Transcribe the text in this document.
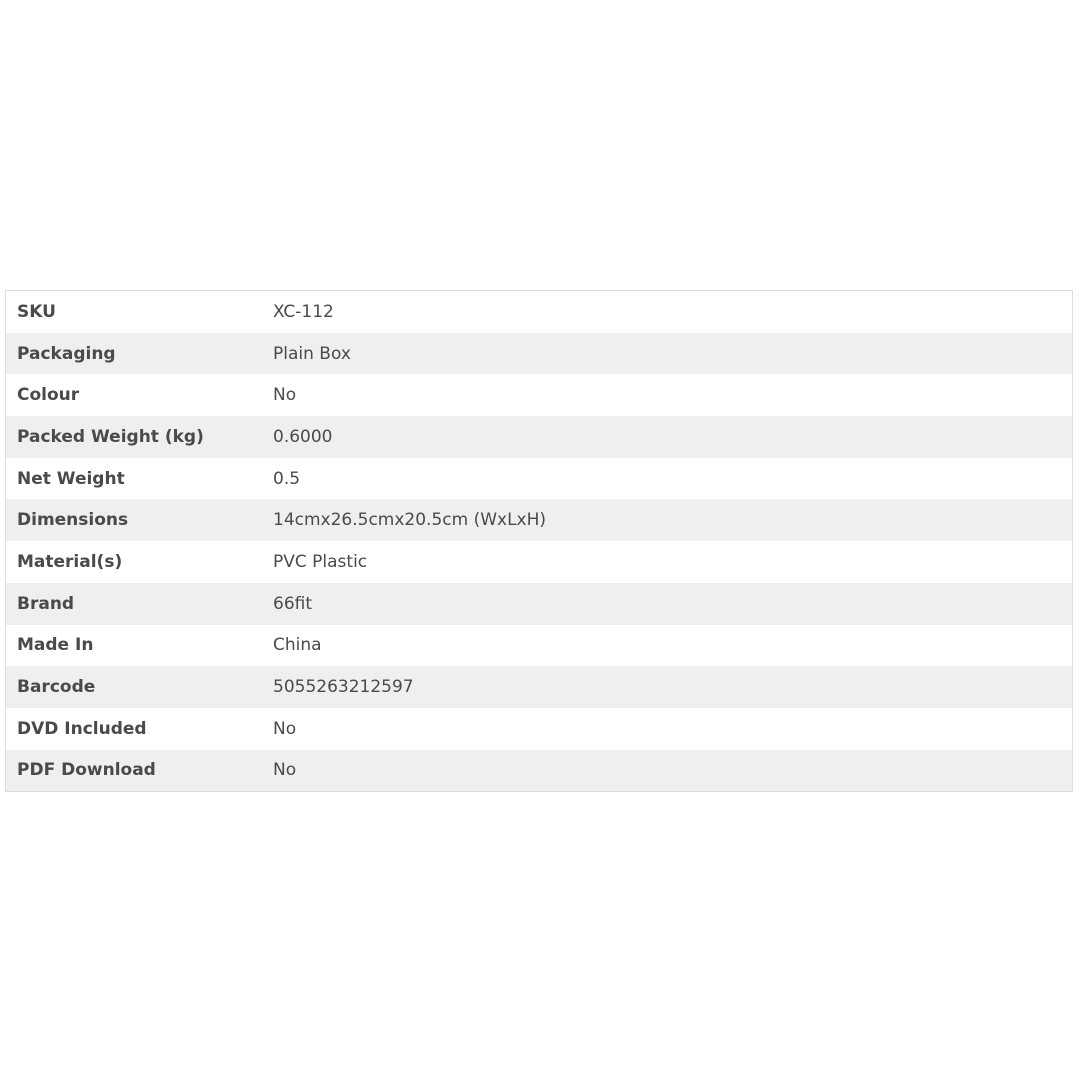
SKU	XC-112
Packaging	Plain Box
Colour	No
Packed Weight (kg)	0.6000
Net Weight	0.5
Dimensions	14cmx26.5cmx20.5cm (WxLxH)
Material(s)	PVC Plastic
Brand	66fit
Made In	China
Barcode	5055263212597
DVD Included	No
PDF Download	No
